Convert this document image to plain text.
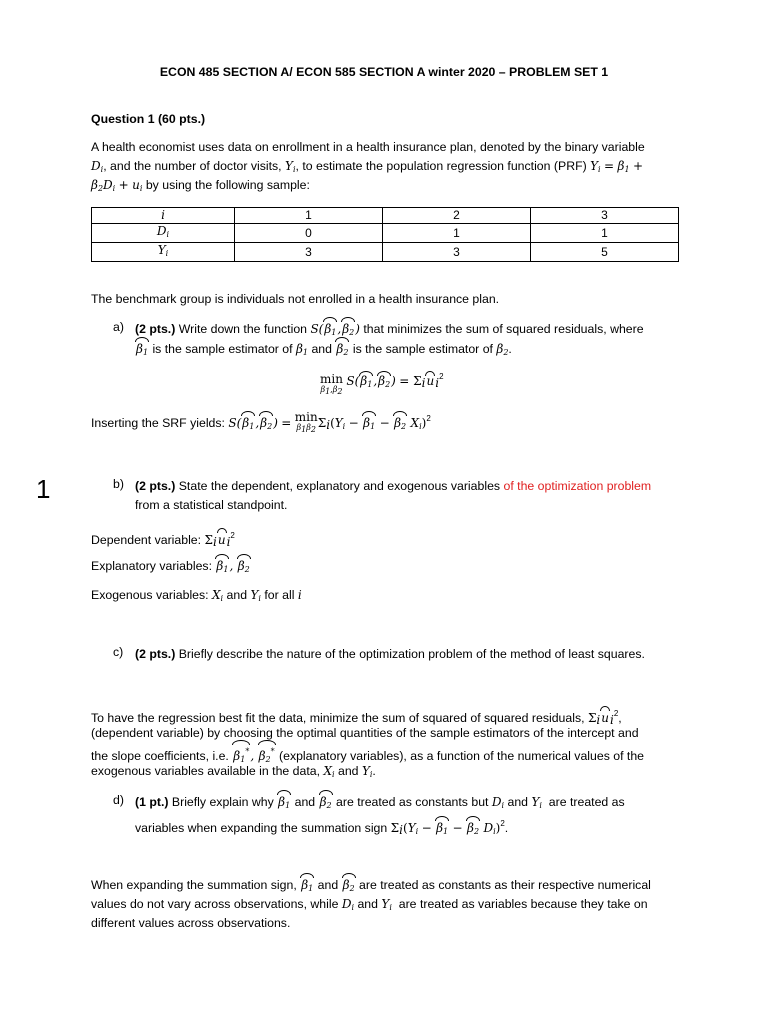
ECON 485 SECTION A/ ECON 585 SECTION A winter 2020 – PROBLEM SET 1
Question 1 (60 pts.)
A health economist uses data on enrollment in a health insurance plan, denoted by the binary variable
$D_i$, and the number of doctor visits, $Y_i$, to estimate the population regression function (PRF) $Y_i = \beta_1$ +
$\beta_2D_i + u_i$ by using the following sample:
i	1	2	3
$D_i$	0	1	1
$Y_i$	3	3	5
The benchmark group is individuals not enrolled in a health insurance plan.
a) (2 pts.) Write down the function $S(\beta_1,\beta_2)$ that minimizes the sum of squared residuals, where
$\beta_1$ is the sample estimator of $\beta_1$ and $\beta_2$ is the sample estimator of $\beta_2$.
min
$\beta_1,\beta_2$
$S(\beta_1,\beta_2) = \Sigma_iu_i^2$
Inserting the SRF yields: $S(\beta_1,\beta_2) = \min$
$\beta_1\beta_2$ $\Sigma_i(Y_i - \beta_1 - \beta_2$ $X_i)^2$
1	b) (2 pts.) State the dependent, explanatory and exogenous variables of the optimization problem
from a statistical standpoint.
Dependent variable: $\Sigma_iu_i^2$
Explanatory variables: $\beta_1$, $\beta_2$
Exogenous variables: $X_i$ and $Y_i$ for all i
c) (2 pts.) Briefly describe the nature of the optimization problem of the method of least squares.
To have the regression best fit the data, minimize the sum of squared of squared residuals, $\Sigma_iu_i^2$,
(dependent variable) by choosing the optimal quantities of the sample estimators of the intercept and
the slope coefficients, i.e. $\beta_1^*$, $\beta_2^*$ (explanatory variables), as a function of the numerical values of the
exogenous variables available in the data, $X_i$ and $Y_i$.
d) (1 pt.) Briefly explain why $\beta_1$ and $\beta_2$ are treated as constants but $D_i$ and $Y_i$ are treated as
variables when expanding the summation sign $\Sigma_i(Y_i - \beta_1 - \beta_2$ $D_i)^2$.
When expanding the summation sign, $\beta_1$ and $\beta_2$ are treated as constants as their respective numerical
values do not vary across observations, while $D_i$ and $Y_i$ are treated as variables because they take on
different values across observations.
